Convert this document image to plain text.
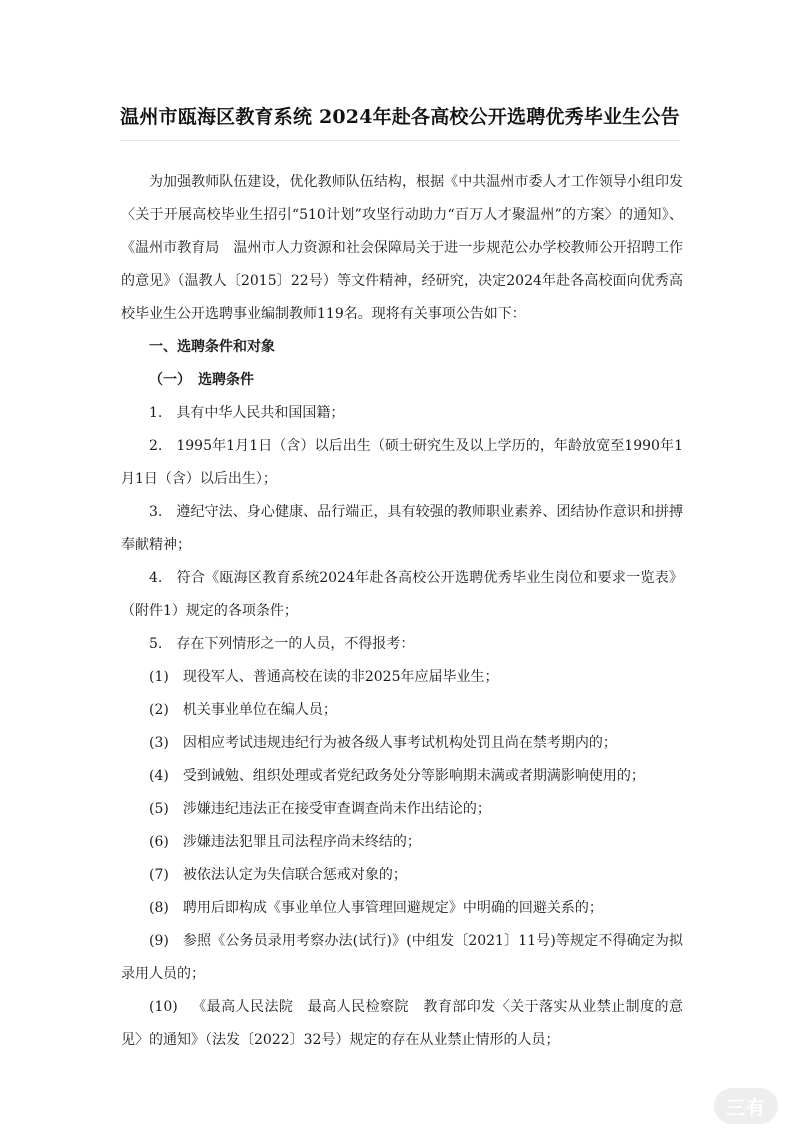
温州市瓯海区教育系统 2024年赴各高校公开选聘优秀毕业生公告

为加强教师队伍建设，优化教师队伍结构，根据《中共温州市委人才工作领导小组印发〈关于开展高校毕业生招引“510计划”攻坚行动助力“百万人才聚温州”的方案〉的通知》、《温州市教育局　温州市人力资源和社会保障局关于进一步规范公办学校教师公开招聘工作的意见》（温教人〔2015〕22号）等文件精神，经研究，决定2024年赴各高校面向优秀高校毕业生公开选聘事业编制教师119名。现将有关事项公告如下：

一、选聘条件和对象

（一）　选聘条件

1. 具有中华人民共和国国籍；

2. 1995年1月1日（含）以后出生（硕士研究生及以上学历的，年龄放宽至1990年1月1日（含）以后出生）；

3. 遵纪守法、身心健康、品行端正，具有较强的教师职业素养、团结协作意识和拼搏奉献精神；

4. 符合《瓯海区教育系统2024年赴各高校公开选聘优秀毕业生岗位和要求一览表》（附件1）规定的各项条件；

5. 存在下列情形之一的人员，不得报考：

(1) 现役军人、普通高校在读的非2025年应届毕业生；

(2) 机关事业单位在编人员；

(3) 因相应考试违规违纪行为被各级人事考试机构处罚且尚在禁考期内的；

(4) 受到诫勉、组织处理或者党纪政务处分等影响期未满或者期满影响使用的；

(5) 涉嫌违纪违法正在接受审查调查尚未作出结论的；

(6) 涉嫌违法犯罪且司法程序尚未终结的；

(7) 被依法认定为失信联合惩戒对象的；

(8) 聘用后即构成《事业单位人事管理回避规定》中明确的回避关系的；

(9) 参照《公务员录用考察办法(试行)》(中组发〔2021〕11号)等规定不得确定为拟录用人员的；

(10) 《最高人民法院　最高人民检察院　教育部印发〈关于落实从业禁止制度的意见〉的通知》（法发〔2022〕32号）规定的存在从业禁止情形的人员；

三有
